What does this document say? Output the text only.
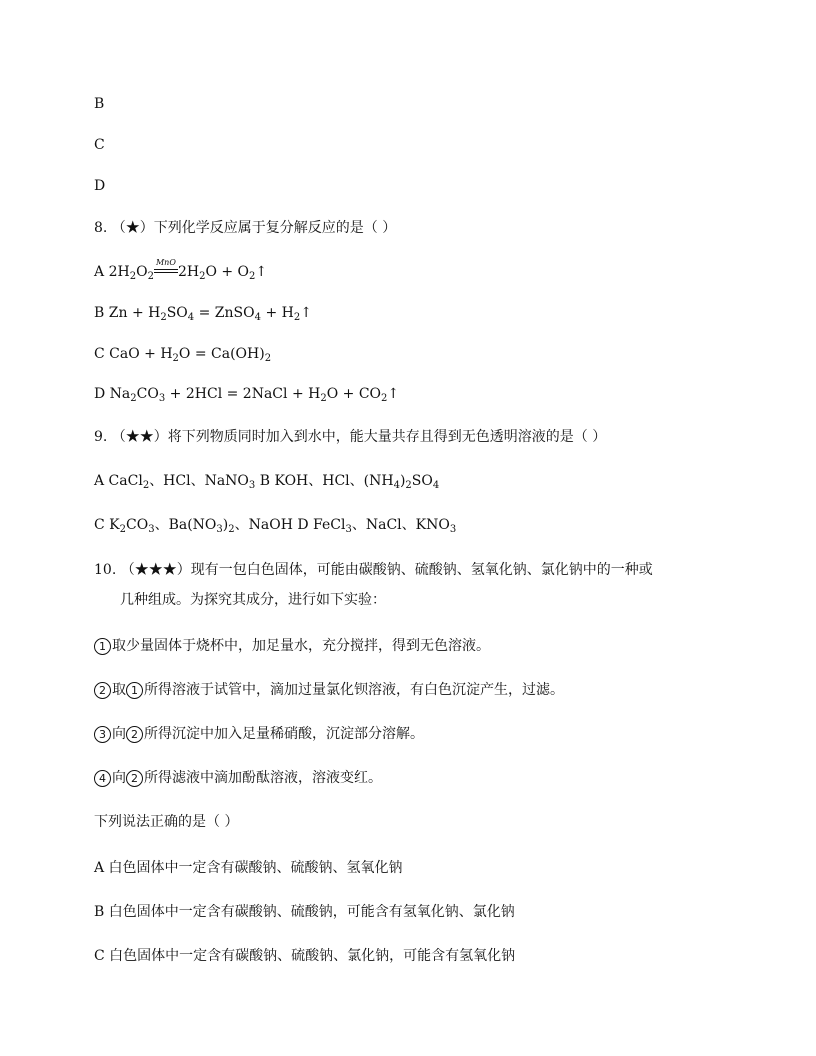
B
C
D
8. （★）下列化学反应属于复分解反应的是（ ）
A $2H_2O_2$
MnO
$2H_2O$ + $O_2↑$
B $Zn + H_2SO_4$ = ZnSO$_4$ + $H_2↑$
C CaO + $H_2O = Ca(OH)_2$
D $Na_2CO_3 + 2HCl$ = 2NaCl + $H_2O$ + $CO_2↑$
9. （★★）将下列物质同时加入到水中，能大量共存且得到无色透明溶液的是（ ）
A CaCl$_2$、HCl、NaNO$_3$ B KOH、HCl、$(NH_4)_2SO_4$
C $K_2CO_3$、$Ba(NO_3)_2$、NaOH D FeCl$_3$、NaCl、$KNO_3$
10. （★★★）现有一包白色固体，可能由碳酸钠、硫酸钠、氢氧化钠、氯化钠中的一种或
几种组成。为探究其成分，进行如下实验：
1 取少量固体于烧杯中，加足量水，充分搅拌，得到无色溶液。
2 取 1 所得溶液于试管中，滴加过量氯化钡溶液，有白色沉淀产生，过滤。
3 向 2 所得沉淀中加入足量稀硝酸，沉淀部分溶解。
4 向 2 所得滤液中滴加酚酞溶液，溶液变红。
下列说法正确的是（ ）
A 白色固体中一定含有碳酸钠、硫酸钠、氢氧化钠
B 白色固体中一定含有碳酸钠、硫酸钠，可能含有氢氧化钠、氯化钠
C 白色固体中一定含有碳酸钠、硫酸钠、氯化钠，可能含有氢氧化钠
